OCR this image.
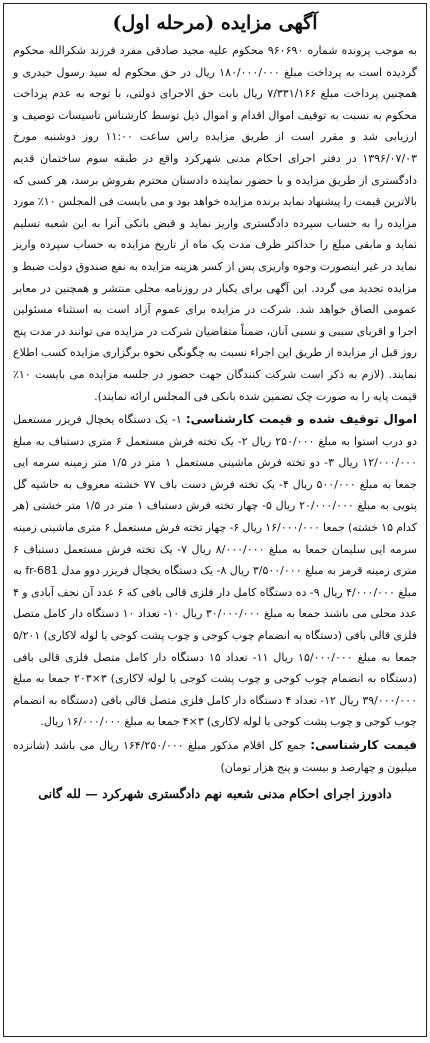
آگهی مزایده (مرحله اول)

به موجب پرونده شماره ۹۶۰۶۹۰ محکوم علیه مجید صادقی مفرد فرزند شکرالله محکوم گردیده است به پرداخت مبلغ ۱۸۰/۰۰۰/۰۰۰ ریال در حق محکوم له سید رسول حیدری و همچنین پرداخت مبلغ ۷/۳۳۱/۱۶۶ ریال بابت حق الاجرای دولتی، با توجه به عدم پرداخت محکوم به نسبت به توقیف اموال اقدام و اموال ذیل توسط کارشناس تاسیسات توصیف و ارزیابی شد و مقرر است از طریق مزایده راس ساعت ۱۱:۰۰ روز دوشنبه مورخ ۱۳۹۶/۰۷/۰۳ در دفتر اجرای احکام مدنی شهرکرد واقع در طبقه سوم ساختمان قدیم دادگستری از طریق مزایده و با حضور نماینده دادستان محترم بفروش برسد، هر کسی که بالاترین قیمت را پیشنهاد نماید برنده مزایده خواهد بود و می بایست فی المجلس ۱۰٪ مورد مزایده را به حساب سپرده دادگستری واریز نماید و قبض بانکی آنرا به این شعبه تسلیم نماید و مابقی مبلغ را حداکثر ظرف مدت یک ماه از تاریخ مزایده به حساب سپرده واریز نماید در غیر اینصورت وجوه واریزی پس از کسر هزینه مزایده به نفع صندوق دولت ضبط و مزایده تجدید می گردد. این آگهی برای یکبار در روزنامه محلی منتشر و همچنین در معابر عمومی الصاق خواهد شد. شرکت در مزایده برای عموم آزاد است به استثناء مسئولین اجرا و اقربای سببی و نسبی آنان، ضمناً متقاضیان شرکت در مزایده می توانند در مدت پنج روز قبل از مزایده از طریق این اجراء نسبت به چگونگی نحوه برگزاری مزایده کسب اطلاع نمایند. (لازم به ذکر است شرکت کنندگان جهت حضور در جلسه مزایده می بایست ۱۰٪ قیمت پایه را به صورت چک تضمین شده بانکی فی المجلس ارائه نمایند).

اموال توقیف شده و قیمت کارشناسی: ۱- یک دستگاه یخچال فریزر مستعمل دو درب استوا به مبلغ ۲۵۰/۰۰۰ ریال ۲- یک تخته فرش مستعمل ۶ متری دستباف به مبلغ ۱۲/۰۰۰/۰۰۰ ریال ۳- دو تخته فرش ماشینی مستعمل ۱ متر در ۱/۵ متر زمینه سرمه ایی جمعا به مبلغ ۵۰۰/۰۰۰ ریال ۴- یک تخته فرش دست باف ۷۷ خشته معروف به حاشیه گل پتویی به مبلغ ۲۰/۰۰۰/۰۰۰ ریال ۵- چهار تخته فرش دستباف ۱ متر در ۱/۵ متر خشتی (هر کدام ۱۵ خشته) جمعا ۱۶/۰۰۰/۰۰۰ ریال ۶- چهار تخته فرش مستعمل ۶ متری ماشینی زمینه سرمه ایی سلیمان جمعا به مبلغ ۸/۰۰۰/۰۰۰ ریال ۷- یک تخته فرش مستعمل دستباف ۶ متری زمینه قرمز به مبلغ ۳/۵۰۰/۰۰۰ ریال ۸- یک دستگاه یخچال فریزر دوو مدل fr-681 به مبلغ ۴/۰۰۰/۰۰۰ ریال ۹- ده دستگاه کامل دار فلزی قالی بافی که ۶ عدد آن نجف آبادی و ۴ عدد محلی می باشند جمعا به مبلغ ۳۰/۰۰۰/۰۰۰ ریال ۱۰- تعداد ۱۰ دستگاه دار کامل متصل فلزی قالی بافی (دستگاه به انضمام چوب کوجی و چوب پشت کوجی یا لوله لاکاری) ۵/۲۰۱ جمعا به مبلغ ۱۵/۰۰۰/۰۰۰ ریال ۱۱- تعداد ۱۵ دستگاه دار کامل متصل فلزی قالی بافی (دستگاه به انضمام چوب کوجی و چوب پشت کوجی یا لوله لاکاری) ۳×۲۰۳ جمعا به مبلغ ۳۹/۰۰۰/۰۰۰ ریال ۱۲- تعداد ۴ دستگاه دار کامل فلزی متصل قالی بافی (دستگاه به انضمام چوب کوجی و چوب پشت کوجی یا لوله لاکاری) ۳×۴ جمعا به مبلغ ۱۶/۰۰۰/۰۰۰ ریال.

قیمت کارشناسی: جمع کل اقلام مذکور مبلغ ۱۶۴/۲۵۰/۰۰۰ ریال می باشد (شانزده میلیون و چهارصد و بیست و پنج هزار تومان)

دادورز اجرای احکام مدنی شعبه نهم دادگستری شهرکرد — لله گانی
